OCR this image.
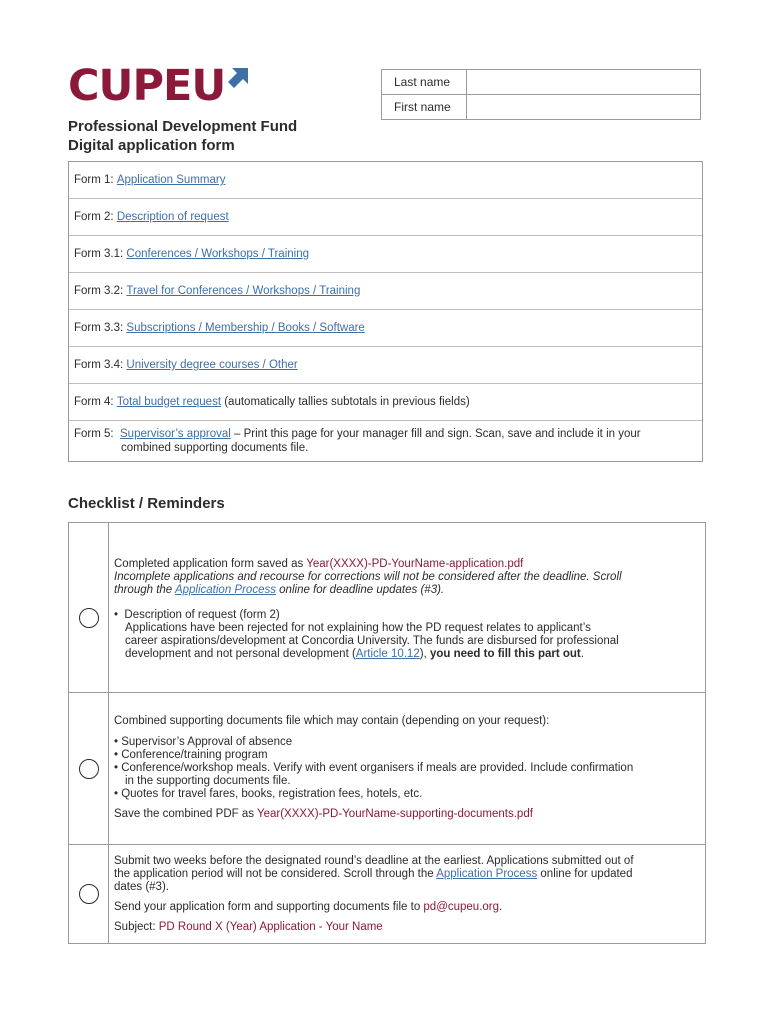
CUPEU	Last name	
First name	
Professional Development Fund
Digital application form
Form 1: Application Summary
Form 2: Description of request
Form 3.1: Conferences / Workshops / Training
Form 3.2: Travel for Conferences / Workshops / Training
Form 3.3: Subscriptions / Membership / Books / Software
Form 3.4: University degree courses / Other
Form 4: Total budget request (automatically tallies subtotals in previous fields)
Form 5:  Supervisor’s approval – Print this page for your manager fill and sign. Scan, save and include it in your
combined supporting documents file.
Checklist / Reminders

Completed application form saved as Year(XXXX)-PD-YourName-application.pdf

Incomplete applications and recourse for corrections will not be considered after the deadline. Scroll

through the Application Process online for deadline updates (#3).

•  Description of request (form 2)

Applications have been rejected for not explaining how the PD request relates to applicant’s

career aspirations/development at Concordia University. The funds are disbursed for professional

development and not personal development (Article 10.12), you need to fill this part out.

Combined supporting documents file which may contain (depending on your request):

• Supervisor’s Approval of absence

• Conference/training program

• Conference/workshop meals. Verify with event organisers if meals are provided. Include confirmation

in the supporting documents file.

• Quotes for travel fares, books, registration fees, hotels, etc.

Save the combined PDF as Year(XXXX)-PD-YourName-supporting-documents.pdf

Submit two weeks before the designated round’s deadline at the earliest. Applications submitted out of

the application period will not be considered. Scroll through the Application Process online for updated

dates (#3).

Send your application form and supporting documents file to pd@cupeu.org.

Subject: PD Round X (Year) Application - Your Name
